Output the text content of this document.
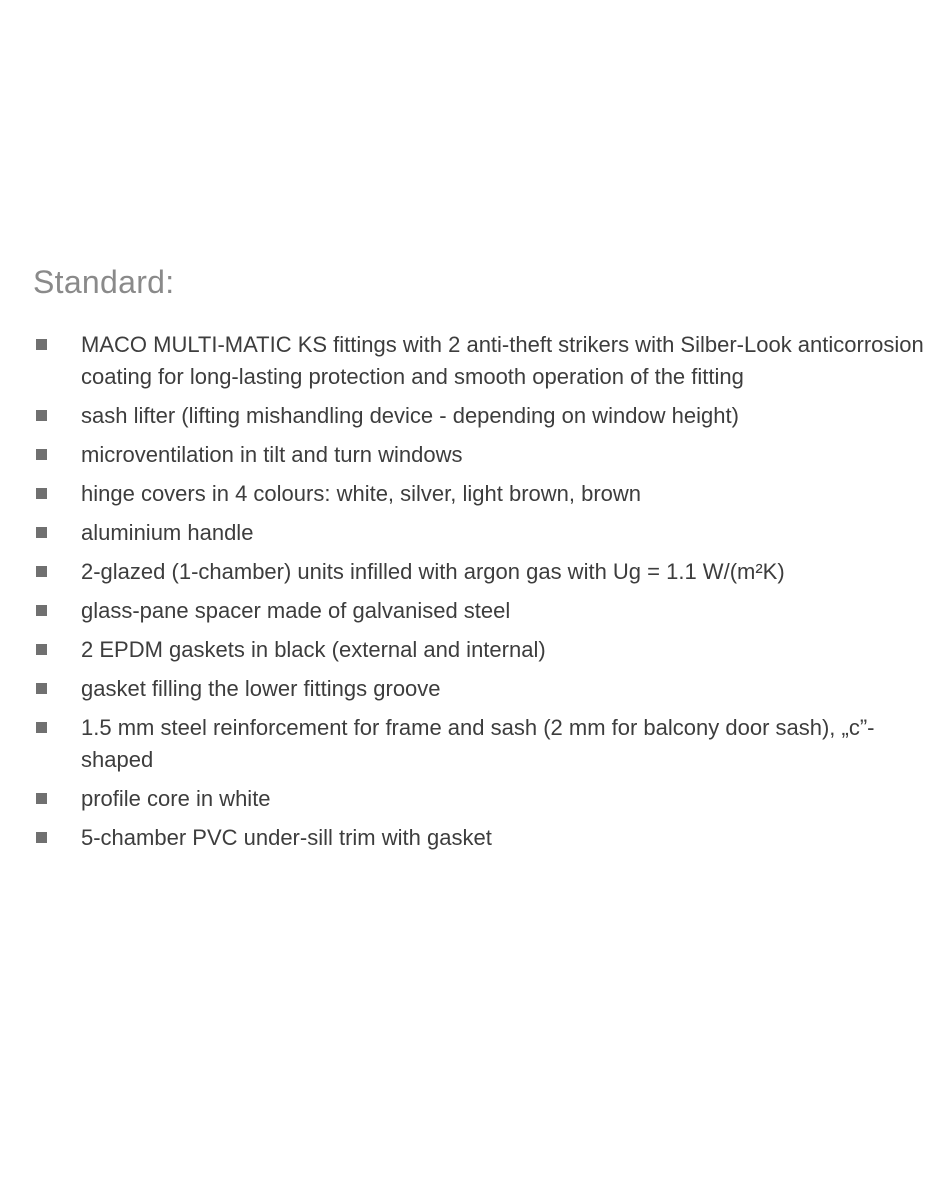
Standard:
MACO MULTI-MATIC KS fittings with 2 anti-theft strikers with Silber-Look anticorrosion coating for long-lasting protection and smooth operation of the fitting
sash lifter (lifting mishandling device - depending on window height)
microventilation in tilt and turn windows
hinge covers in 4 colours: white, silver, light brown, brown
aluminium handle
2-glazed (1-chamber) units infilled with argon gas with Ug = 1.1 W/(m²K)
glass-pane spacer made of galvanised steel
2 EPDM gaskets in black (external and internal)
gasket filling the lower fittings groove
1.5 mm steel reinforcement for frame and sash (2 mm for balcony door sash), „c”-shaped
profile core in white
5-chamber PVC under-sill trim with gasket
